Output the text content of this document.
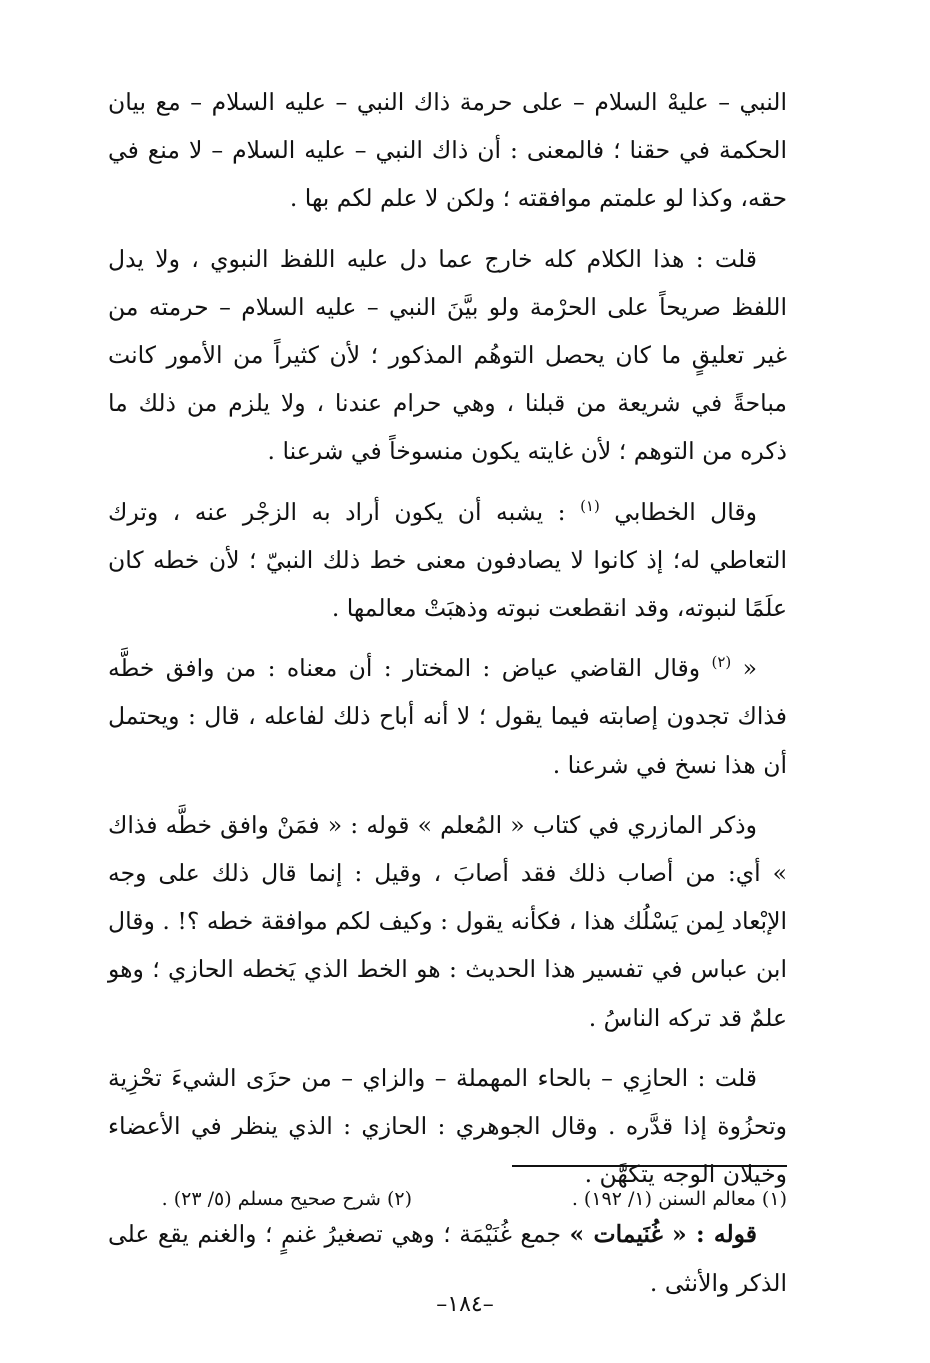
النبي – عليهْ السلام – على حرمة ذاك النبي – عليه السلام – مع بيان الحكمة في حقنا ؛ فالمعنى : أن ذاك النبي – عليه السلام – لا منع في حقه، وكذا لو علمتم موافقته ؛ ولكن لا علم لكم بها .

قلت : هذا الكلام كله خارج عما دل عليه اللفظ النبوي ، ولا يدل اللفظ صريحاً على الحرْمة ولو بيَّنَ النبي – عليه السلام – حرمته من غير تعليقٍ ما كان يحصل التوهُم المذكور ؛ لأن كثيراً من الأمور كانت مباحةً في شريعة من قبلنا ، وهي حرام عندنا ، ولا يلزم من ذلك ما ذكره من التوهم ؛ لأن غايته يكون منسوخاً في شرعنا .

وقال الخطابي $^{(١)}$ : يشبه أن يكون أراد به الزجْر عنه ، وترك التعاطي له؛ إذ كانوا لا يصادفون معنى خط ذلك النبيّ ؛ لأن خطه كان علَمًا لنبوته، وقد انقطعت نبوته وذهبَتْ معالمها .

« $^{(٢)}$ وقال القاضي عياض : المختار : أن معناه : من وافق خطَّه فذاك تجدون إصابته فيما يقول ؛ لا أنه أباح ذلك لفاعله ، قال : ويحتمل أن هذا نسخ في شرعنا .

وذكر المازري في كتاب « المُعلم » قوله : « فمَنْ وافق خطَّه فذاك » أي: من أصاب ذلك فقد أصابَ ، وقيل : إنما قال ذلك على وجه الإبْعاد لِمن يَسْلُك هذا ، فكأنه يقول : وكيف لكم موافقة خطه ؟! . وقال ابن عباس في تفسير هذا الحديث : هو الخط الذي يَخطه الحازي ؛ وهو علمٌ قد تركه الناسُ .

قلت : الحازِي – بالحاء المهملة – والزاي – من حزَى الشيءَ تحْزِية وتحزُوة إذا قدَّره . وقال الجوهري : الحازي : الذي ينظر في الأعضاء وخيلان الوجه يتكهَّن .

قوله : « غُنَيمات » جمع غُنَيْمَة ؛ وهي تصغيرُ غنمٍ ؛ والغنم يقع على الذكر والأنثى .

(١) معالم السنن (١/ ١٩٢) .
(٢) شرح صحيح مسلم (٥/ ٢٣) .
–١٨٤–
